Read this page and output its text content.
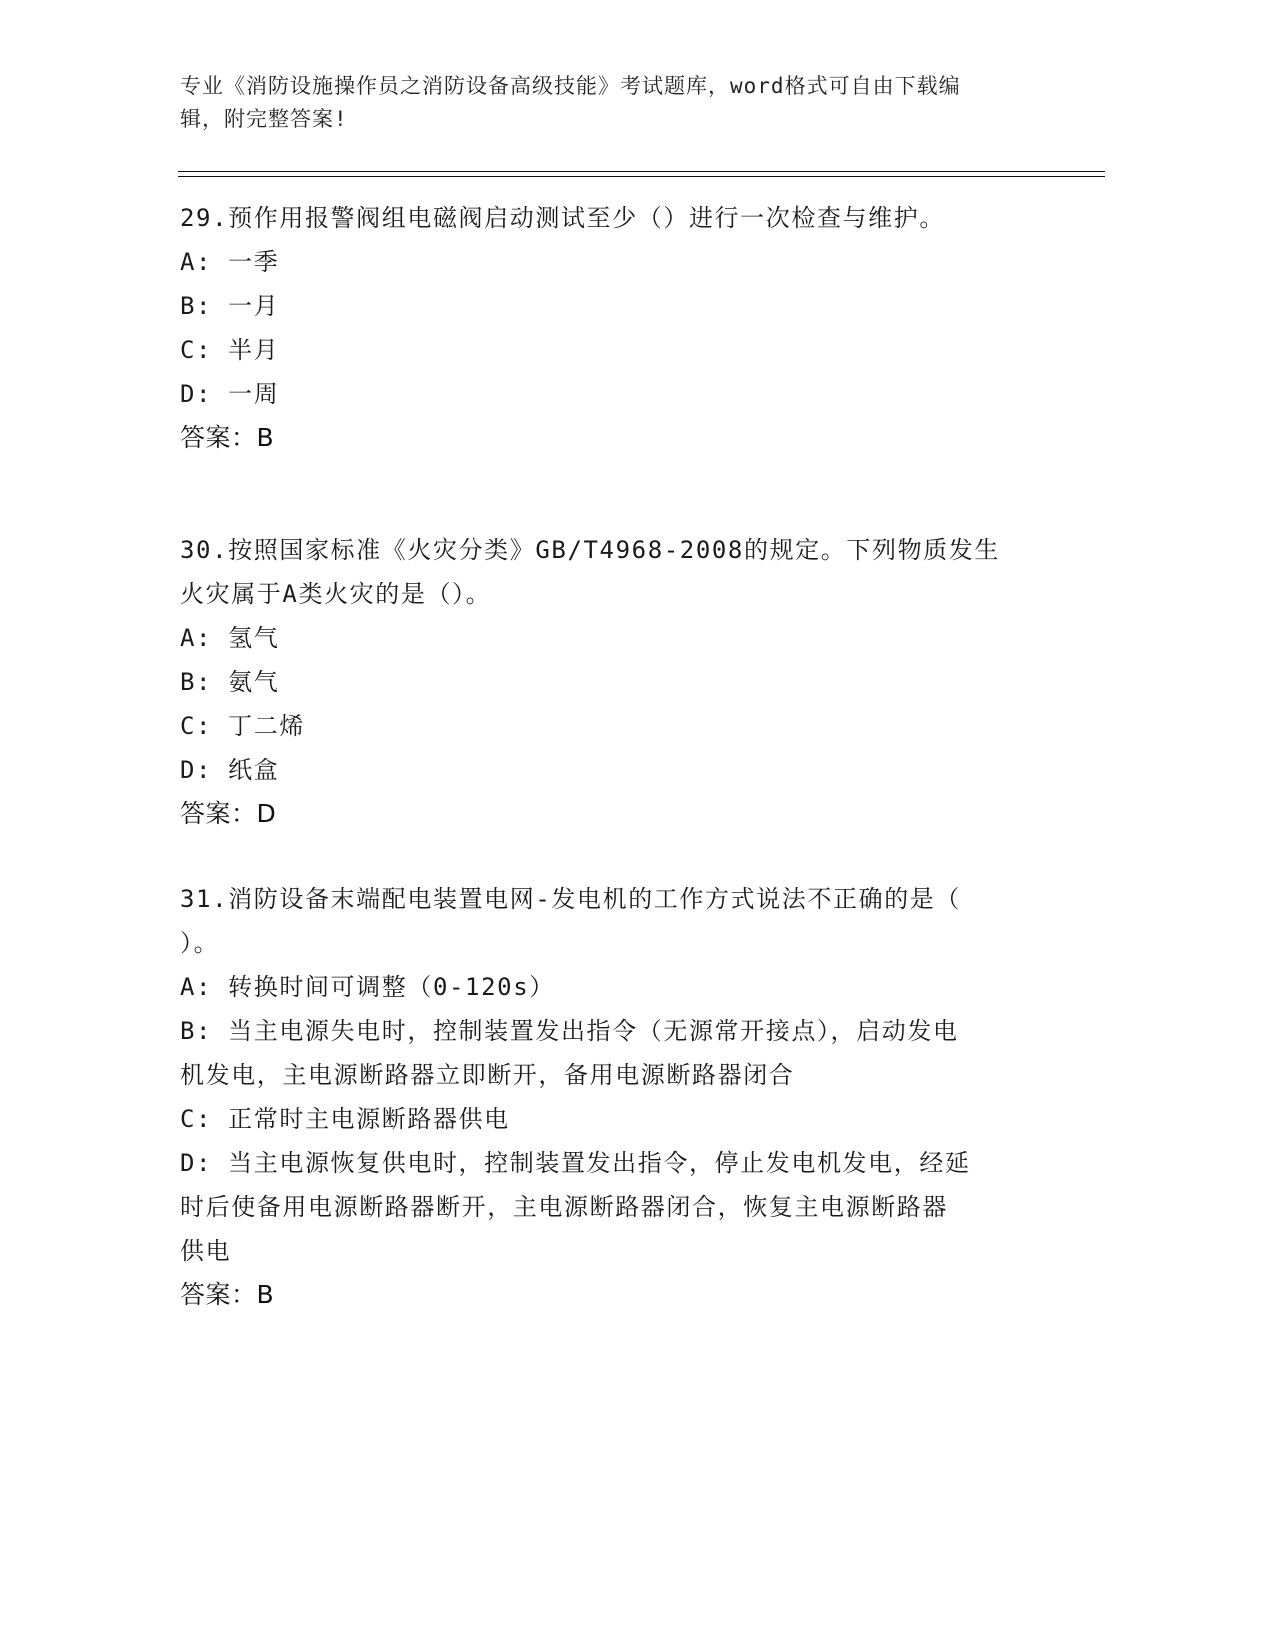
专业《消防设施操作员之消防设备高级技能》考试题库，word格式可自由下载编
辑，附完整答案!

29.预作用报警阀组电磁阀启动测试至少（）进行一次检查与维护。

A: 一季

B: 一月

C: 半月

D: 一周

答案：B

30.按照国家标准《火灾分类》GB/T4968-2008的规定。下列物质发生

火灾属于A类火灾的是（）。

A: 氢气

B: 氨气

C: 丁二烯

D: 纸盒

答案：D

31.消防设备末端配电装置电网-发电机的工作方式说法不正确的是（

）。

A: 转换时间可调整（0-120s）

B: 当主电源失电时，控制装置发出指令（无源常开接点），启动发电

机发电，主电源断路器立即断开，备用电源断路器闭合

C: 正常时主电源断路器供电

D: 当主电源恢复供电时，控制装置发出指令，停止发电机发电，经延

时后使备用电源断路器断开，主电源断路器闭合，恢复主电源断路器

供电

答案：B
